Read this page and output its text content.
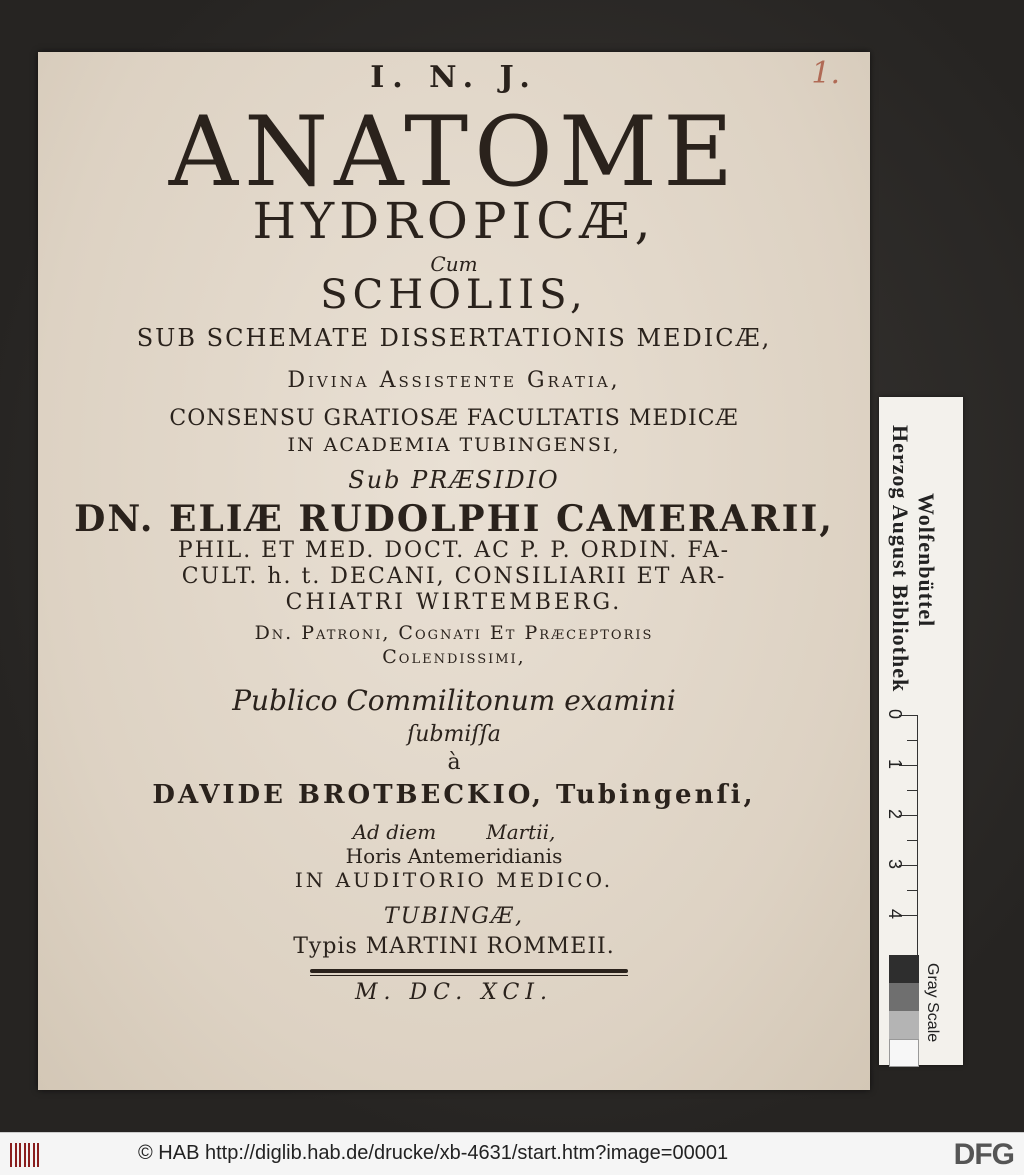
I. N. J.
ANATOME
HYDROPICÆ,
Cum
SCHOLIIS,
SUB SCHEMATE DISSERTATIONIS MEDICÆ,
Divina Assistente Gratia,
CONSENSU GRATIOSÆ FACULTATIS MEDICÆ
IN ACADEMIA TUBINGENSI,
Sub PRÆSIDIO
DN. ELIÆ RUDOLPHI CAMERARII,
PHIL. ET MED. DOCT. AC P. P. ORDIN. FA-
CULT. h. t. DECANI, CONSILIARII ET AR-
CHIATRI WIRTEMBERG.
Dn. Patroni, Cognati Et Præceptoris
Colendissimi,
Publico Commilitonum examini
ſubmiſſa
à
DAVIDE BROTBECKIO, Tubingenſi,
Ad diem	Martii,
Horis Antemeridianis
IN AUDITORIO MEDICO.
TUBINGÆ,
Typis MARTINI ROMMEII.
M. DC. XCI.
1.
Herzog August Bibliothek Wolfenbüttel
0
1
2
3
4
Gray Scale
© HAB http://diglib.hab.de/drucke/xb-4631/start.htm?image=00001	DFG
